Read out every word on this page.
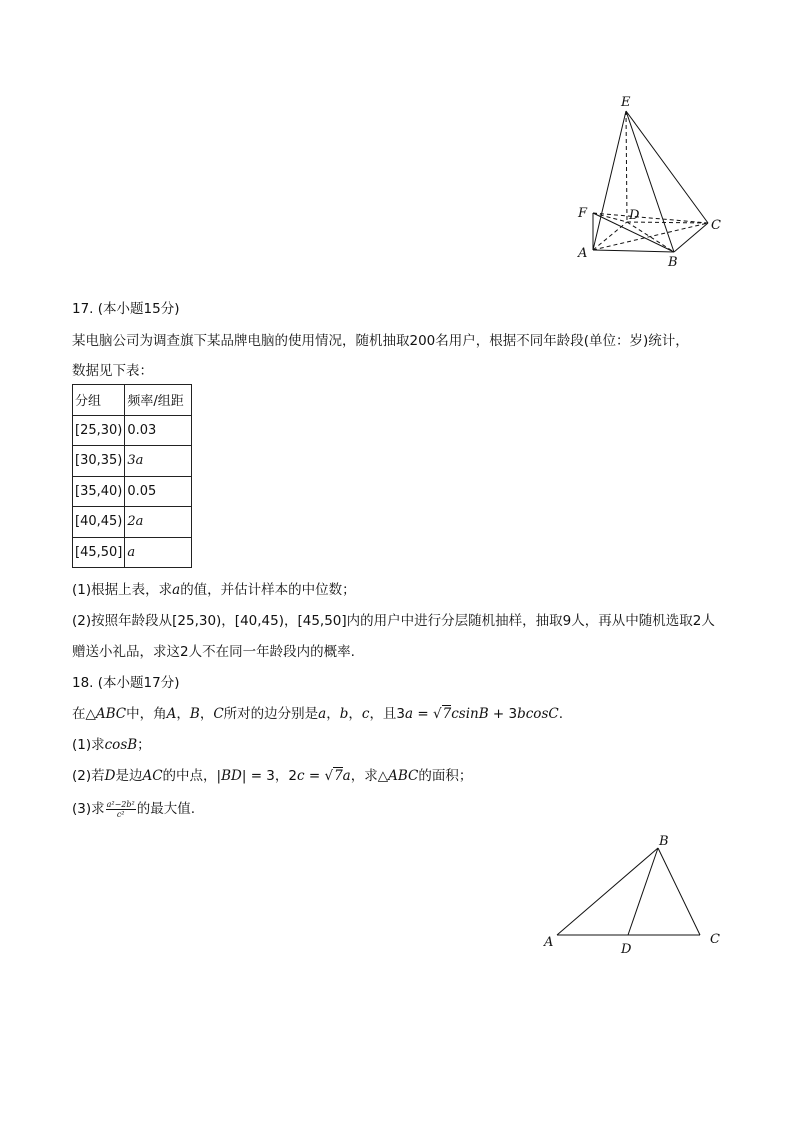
E
F	D
C
A
B
17. (本小题15分)
某电脑公司为调查旗下某品牌电脑的使用情况，随机抽取200名用户，根据不同年龄段(单位：岁)统计，
数据见下表：
分组	频率/组距
[25,30)	0.03
[30,35)	3a
[35,40)	0.05
[40,45)	2a
[45,50]	a
(1)根据上表，求a的值，并估计样本的中位数；
(2)按照年龄段从[25,30)，[40,45)，[45,50]内的用户中进行分层随机抽样，抽取9人，再从中随机选取2人
赠送小礼品，求这2人不在同一年龄段内的概率.
18. (本小题17分)
在△ABC中，角A，B，C所对的边分别是a，b，c，且3a = √7csinB + 3bcosC.
(1)求cosB；
(2)若D是边AC的中点，|BD| = 3，2c = √7a，求△ABC的面积；
(3)求 $\frac{\text{a²−2b²}}{\text{c²}}$ 的最大值.
B
A	C
D
